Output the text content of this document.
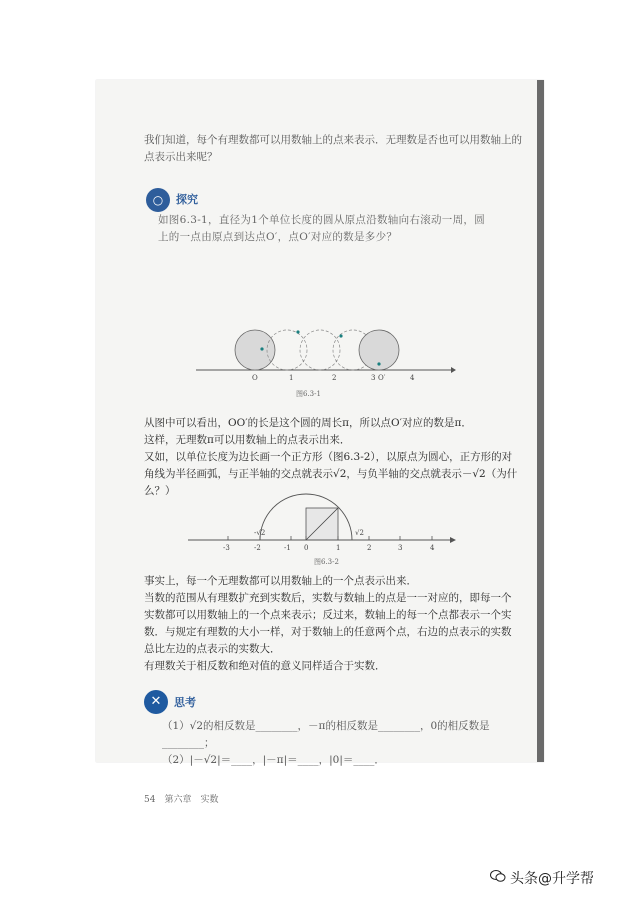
我们知道，每个有理数都可以用数轴上的点来表示．无理数是否也可以用数轴上的点表示出来呢？
○	探究
如图6.3-1，直径为1个单位长度的圆从原点沿数轴向右滚动一周，圆上的一点由原点到达点O′，点O′对应的数是多少？
O	1	2	3 O′	4
图6.3-1
从图中可以看出，OO′的长是这个圆的周长π，所以点O′对应的数是π．
这样，无理数π可以用数轴上的点表示出来．
又如，以单位长度为边长画一个正方形（图6.3-2），以原点为圆心，正方形的对角线为半径画弧，与正半轴的交点就表示√2，与负半轴的交点就表示－√2（为什么？）
-3	-2	-1 0	1	2	3	4
-√2	√2
图6.3-2
事实上，每一个无理数都可以用数轴上的一个点表示出来．
当数的范围从有理数扩充到实数后，实数与数轴上的点是一一对应的，即每一个实数都可以用数轴上的一个点来表示；反过来，数轴上的每一个点都表示一个实数．与规定有理数的大小一样，对于数轴上的任意两个点，右边的点表示的实数总比左边的点表示的实数大．
有理数关于相反数和绝对值的意义同样适合于实数．
✕	思考
（1）√2的相反数是________，－π的相反数是________，0的相反数是________；
（2）|－√2|＝____，|－π|＝____，|0|＝____．
54　第六章　实数
头条@升学帮
